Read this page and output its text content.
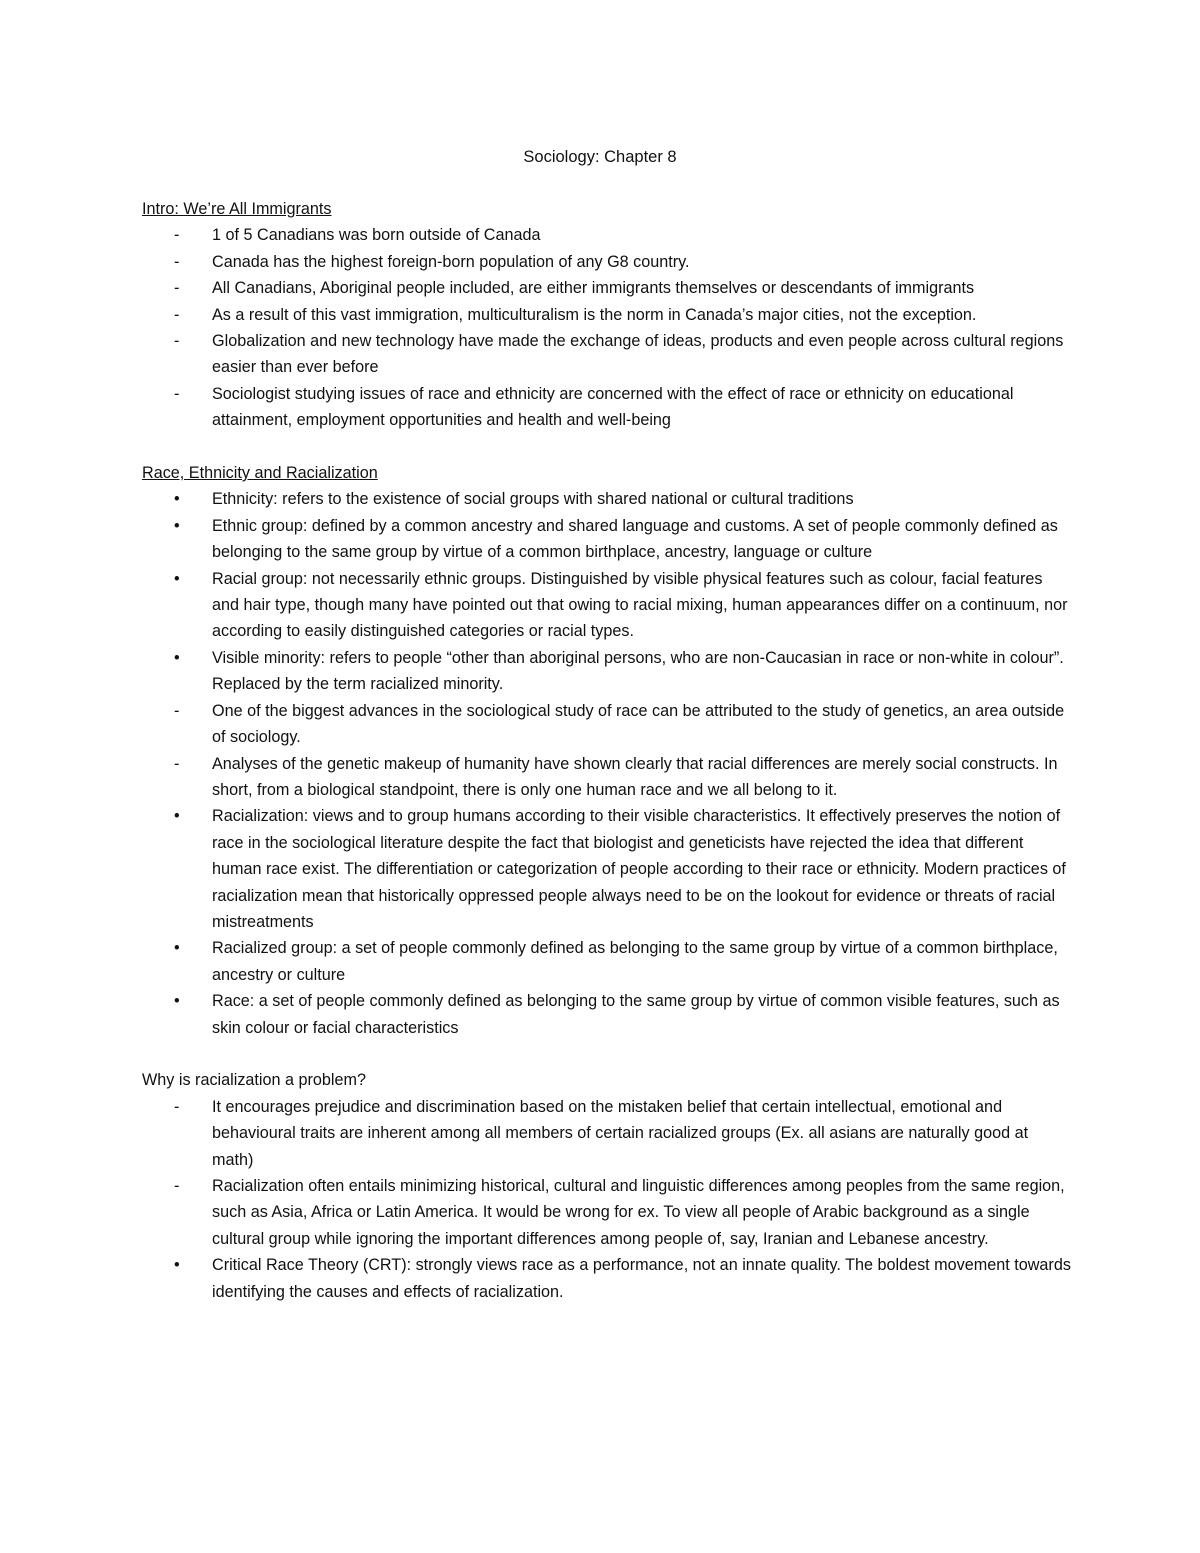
Sociology: Chapter 8

Intro: We’re All Immigrants

-	1 of 5 Canadians was born outside of Canada
-	Canada has the highest foreign-born population of any G8 country.
-	All Canadians, Aboriginal people included, are either immigrants themselves or descendants of immigrants
-	As a result of this vast immigration, multiculturalism is the norm in Canada’s major cities, not the exception.
-	Globalization and new technology have made the exchange of ideas, products and even people across cultural regions easier than ever before
-	Sociologist studying issues of race and ethnicity are concerned with the effect of race or ethnicity on educational attainment, employment opportunities and health and well-being

Race, Ethnicity and Racialization

•	Ethnicity: refers to the existence of social groups with shared national or cultural traditions
•	Ethnic group: defined by a common ancestry and shared language and customs. A set of people commonly defined as belonging to the same group by virtue of a common birthplace, ancestry, language or culture
•	Racial group: not necessarily ethnic groups. Distinguished by visible physical features such as colour, facial features and hair type, though many have pointed out that owing to racial mixing, human appearances differ on a continuum, nor according to easily distinguished categories or racial types.
•	Visible minority: refers to people “other than aboriginal persons, who are non-Caucasian in race or non-white in colour”. Replaced by the term racialized minority.
-	One of the biggest advances in the sociological study of race can be attributed to the study of genetics, an area outside of sociology.
-	Analyses of the genetic makeup of humanity have shown clearly that racial differences are merely social constructs. In short, from a biological standpoint, there is only one human race and we all belong to it.
•	Racialization: views and to group humans according to their visible characteristics. It effectively preserves the notion of race in the sociological literature despite the fact that biologist and geneticists have rejected the idea that different human race exist. The differentiation or categorization of people according to their race or ethnicity. Modern practices of racialization mean that historically oppressed people always need to be on the lookout for evidence or threats of racial mistreatments
•	Racialized group: a set of people commonly defined as belonging to the same group by virtue of a common birthplace, ancestry or culture
•	Race: a set of people commonly defined as belonging to the same group by virtue of common visible features, such as skin colour or facial characteristics

Why is racialization a problem?

-	It encourages prejudice and discrimination based on the mistaken belief that certain intellectual, emotional and behavioural traits are inherent among all members of certain racialized groups (Ex. all asians are naturally good at math)
-	Racialization often entails minimizing historical, cultural and linguistic differences among peoples from the same region, such as Asia, Africa or Latin America. It would be wrong for ex. To view all people of Arabic background as a single cultural group while ignoring the important differences among people of, say, Iranian and Lebanese ancestry.
•	Critical Race Theory (CRT): strongly views race as a performance, not an innate quality. The boldest movement towards identifying the causes and effects of racialization.
